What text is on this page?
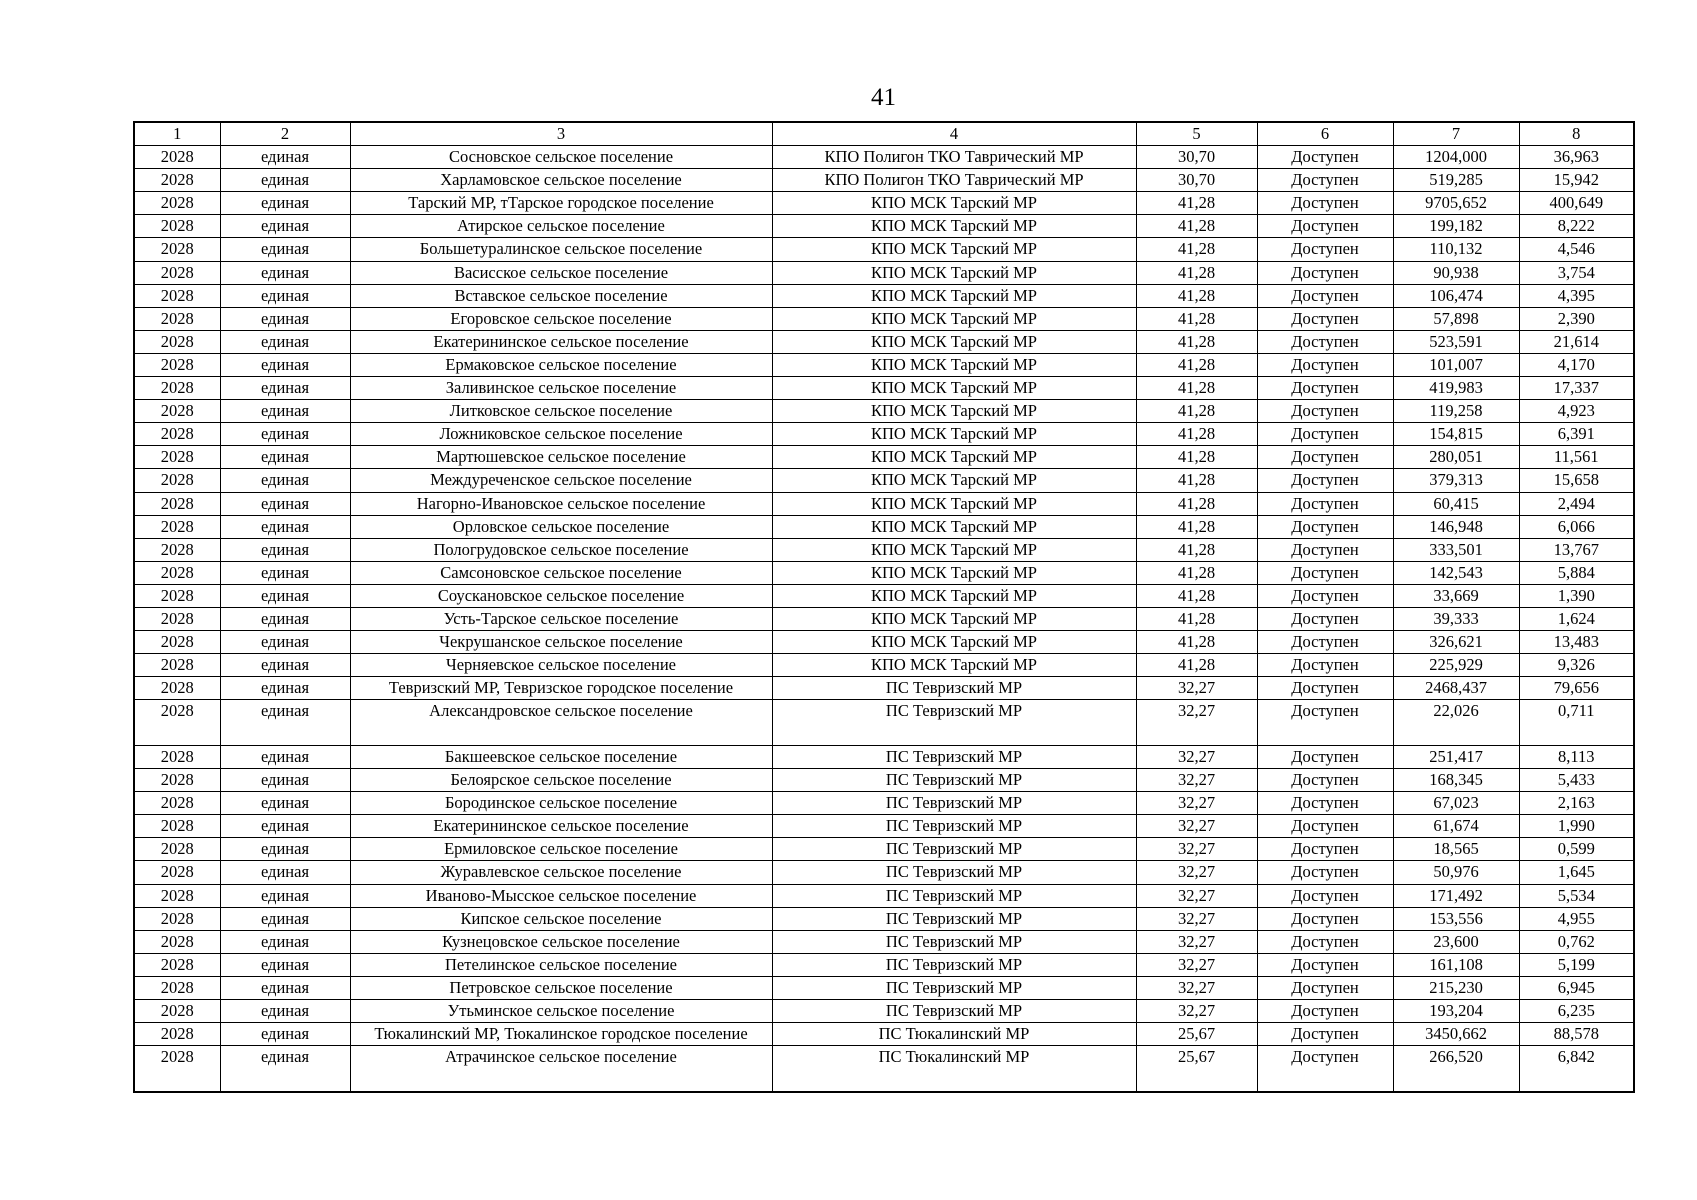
41
1	2	3	4	5	6	7	8
2028	единая	Сосновское сельское поселение	КПО Полигон ТКО Таврический МР	30,70	Доступен	1204,000	36,963
2028	единая	Харламовское сельское поселение	КПО Полигон ТКО Таврический МР	30,70	Доступен	519,285	15,942
2028	единая	Тарский МР, тТарское городское поселение	КПО МСК Тарский МР	41,28	Доступен	9705,652	400,649
2028	единая	Атирское сельское поселение	КПО МСК Тарский МР	41,28	Доступен	199,182	8,222
2028	единая	Большетуралинское сельское поселение	КПО МСК Тарский МР	41,28	Доступен	110,132	4,546
2028	единая	Васисское сельское поселение	КПО МСК Тарский МР	41,28	Доступен	90,938	3,754
2028	единая	Вставское сельское поселение	КПО МСК Тарский МР	41,28	Доступен	106,474	4,395
2028	единая	Егоровское сельское поселение	КПО МСК Тарский МР	41,28	Доступен	57,898	2,390
2028	единая	Екатерининское сельское поселение	КПО МСК Тарский МР	41,28	Доступен	523,591	21,614
2028	единая	Ермаковское сельское поселение	КПО МСК Тарский МР	41,28	Доступен	101,007	4,170
2028	единая	Заливинское сельское поселение	КПО МСК Тарский МР	41,28	Доступен	419,983	17,337
2028	единая	Литковское сельское поселение	КПО МСК Тарский МР	41,28	Доступен	119,258	4,923
2028	единая	Ложниковское сельское поселение	КПО МСК Тарский МР	41,28	Доступен	154,815	6,391
2028	единая	Мартюшевское сельское поселение	КПО МСК Тарский МР	41,28	Доступен	280,051	11,561
2028	единая	Междуреченское сельское поселение	КПО МСК Тарский МР	41,28	Доступен	379,313	15,658
2028	единая	Нагорно-Ивановское сельское поселение	КПО МСК Тарский МР	41,28	Доступен	60,415	2,494
2028	единая	Орловское сельское поселение	КПО МСК Тарский МР	41,28	Доступен	146,948	6,066
2028	единая	Пологрудовское сельское поселение	КПО МСК Тарский МР	41,28	Доступен	333,501	13,767
2028	единая	Самсоновское сельское поселение	КПО МСК Тарский МР	41,28	Доступен	142,543	5,884
2028	единая	Соускановское сельское поселение	КПО МСК Тарский МР	41,28	Доступен	33,669	1,390
2028	единая	Усть-Тарское сельское поселение	КПО МСК Тарский МР	41,28	Доступен	39,333	1,624
2028	единая	Чекрушанское сельское поселение	КПО МСК Тарский МР	41,28	Доступен	326,621	13,483
2028	единая	Черняевское сельское поселение	КПО МСК Тарский МР	41,28	Доступен	225,929	9,326
2028	единая	Тевризский МР, Тевризское городское поселение	ПС Тевризский МР	32,27	Доступен	2468,437	79,656
2028	единая	Александровское сельское поселение	ПС Тевризский МР	32,27	Доступен	22,026	0,711
2028	единая	Бакшеевское сельское поселение	ПС Тевризский МР	32,27	Доступен	251,417	8,113
2028	единая	Белоярское сельское поселение	ПС Тевризский МР	32,27	Доступен	168,345	5,433
2028	единая	Бородинское сельское поселение	ПС Тевризский МР	32,27	Доступен	67,023	2,163
2028	единая	Екатерининское сельское поселение	ПС Тевризский МР	32,27	Доступен	61,674	1,990
2028	единая	Ермиловское сельское поселение	ПС Тевризский МР	32,27	Доступен	18,565	0,599
2028	единая	Журавлевское сельское поселение	ПС Тевризский МР	32,27	Доступен	50,976	1,645
2028	единая	Иваново-Мысское сельское поселение	ПС Тевризский МР	32,27	Доступен	171,492	5,534
2028	единая	Кипское сельское поселение	ПС Тевризский МР	32,27	Доступен	153,556	4,955
2028	единая	Кузнецовское сельское поселение	ПС Тевризский МР	32,27	Доступен	23,600	0,762
2028	единая	Петелинское сельское поселение	ПС Тевризский МР	32,27	Доступен	161,108	5,199
2028	единая	Петровское сельское поселение	ПС Тевризский МР	32,27	Доступен	215,230	6,945
2028	единая	Утьминское сельское поселение	ПС Тевризский МР	32,27	Доступен	193,204	6,235
2028	единая	Тюкалинский МР, Тюкалинское городское поселение	ПС Тюкалинский МР	25,67	Доступен	3450,662	88,578
2028	единая	Атрачинское сельское поселение	ПС Тюкалинский МР	25,67	Доступен	266,520	6,842
